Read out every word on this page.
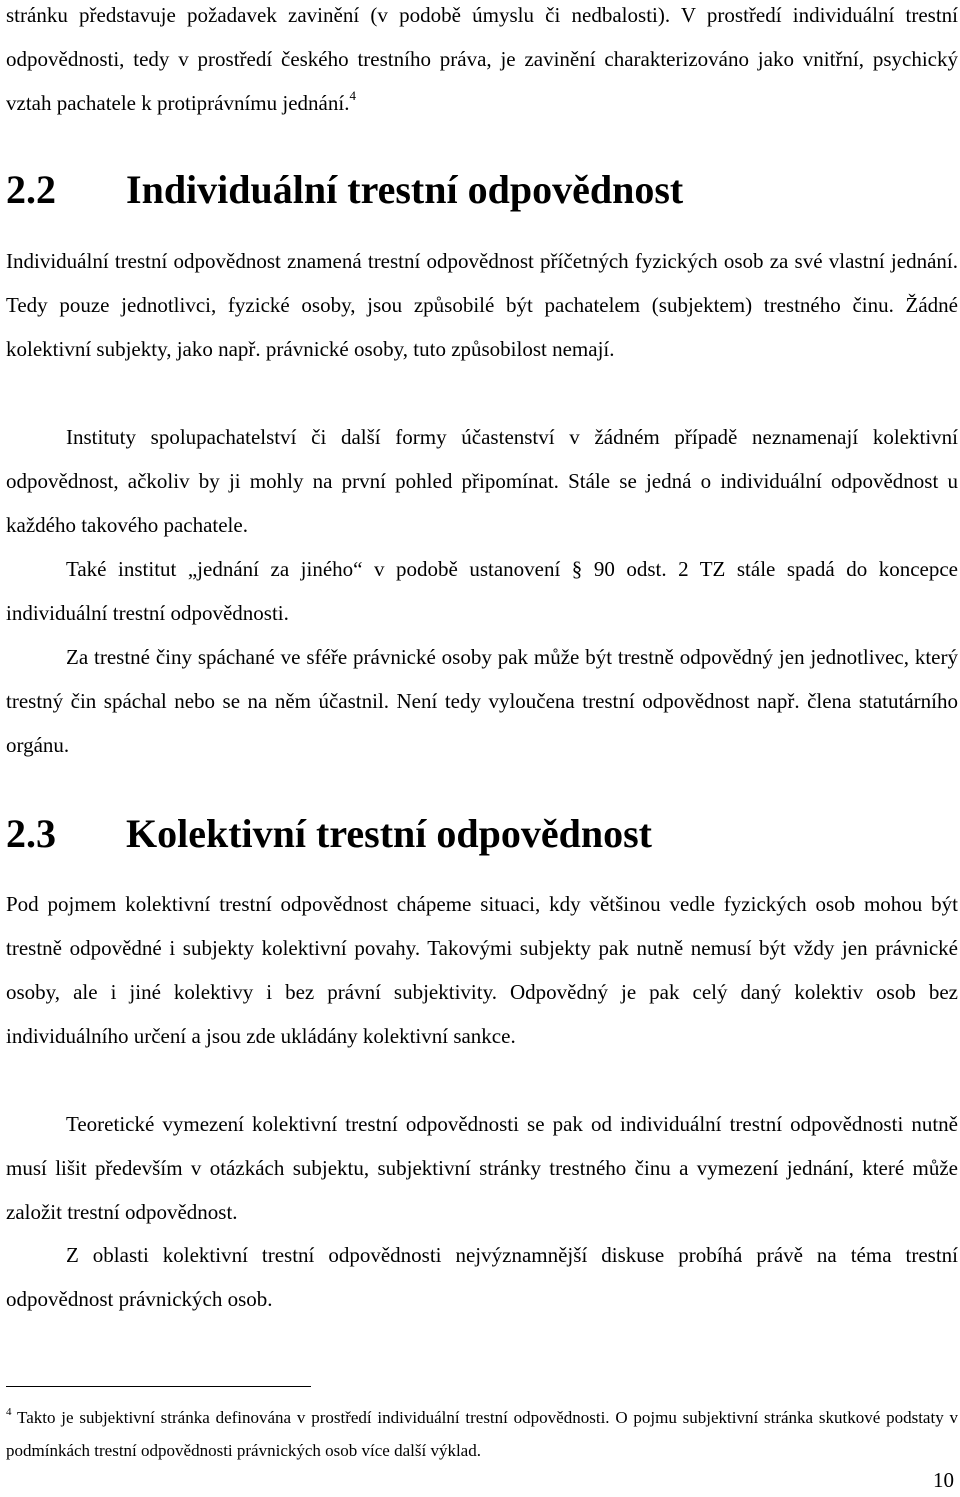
stránku představuje požadavek zavinění (v podobě úmyslu či nedbalosti). V prostředí individuální trestní odpovědnosti, tedy v prostředí českého trestního práva, je zavinění charakterizováno jako vnitřní, psychický vztah pachatele k protiprávnímu jednání.$^4$

2.2 Individuální trestní odpovědnost

Individuální trestní odpovědnost znamená trestní odpovědnost příčetných fyzických osob za své vlastní jednání. Tedy pouze jednotlivci, fyzické osoby, jsou způsobilé být pachatelem (subjektem) trestného činu. Žádné kolektivní subjekty, jako např. právnické osoby, tuto způsobilost nemají.

Instituty spolupachatelství či další formy účastenství v žádném případě neznamenají kolektivní odpovědnost, ačkoliv by ji mohly na první pohled připomínat. Stále se jedná o individuální odpovědnost u každého takového pachatele.

Také institut „jednání za jiného“ v podobě ustanovení § 90 odst. 2 TZ stále spadá do koncepce individuální trestní odpovědnosti.

Za trestné činy spáchané ve sféře právnické osoby pak může být trestně odpovědný jen jednotlivec, který trestný čin spáchal nebo se na něm účastnil. Není tedy vyloučena trestní odpovědnost např. člena statutárního orgánu.

2.3 Kolektivní trestní odpovědnost

Pod pojmem kolektivní trestní odpovědnost chápeme situaci, kdy většinou vedle fyzických osob mohou být trestně odpovědné i subjekty kolektivní povahy. Takovými subjekty pak nutně nemusí být vždy jen právnické osoby, ale i jiné kolektivy i bez právní subjektivity. Odpovědný je pak celý daný kolektiv osob bez individuálního určení a jsou zde ukládány kolektivní sankce.

Teoretické vymezení kolektivní trestní odpovědnosti se pak od individuální trestní odpovědnosti nutně musí lišit především v otázkách subjektu, subjektivní stránky trestného činu a vymezení jednání, které může založit trestní odpovědnost.

Z oblasti kolektivní trestní odpovědnosti nejvýznamnější diskuse probíhá právě na téma trestní odpovědnost právnických osob.

$^4$ Takto je subjektivní stránka definována v prostředí individuální trestní odpovědnosti. O pojmu subjektivní stránka skutkové podstaty v podmínkách trestní odpovědnosti právnických osob více další výklad.

10
